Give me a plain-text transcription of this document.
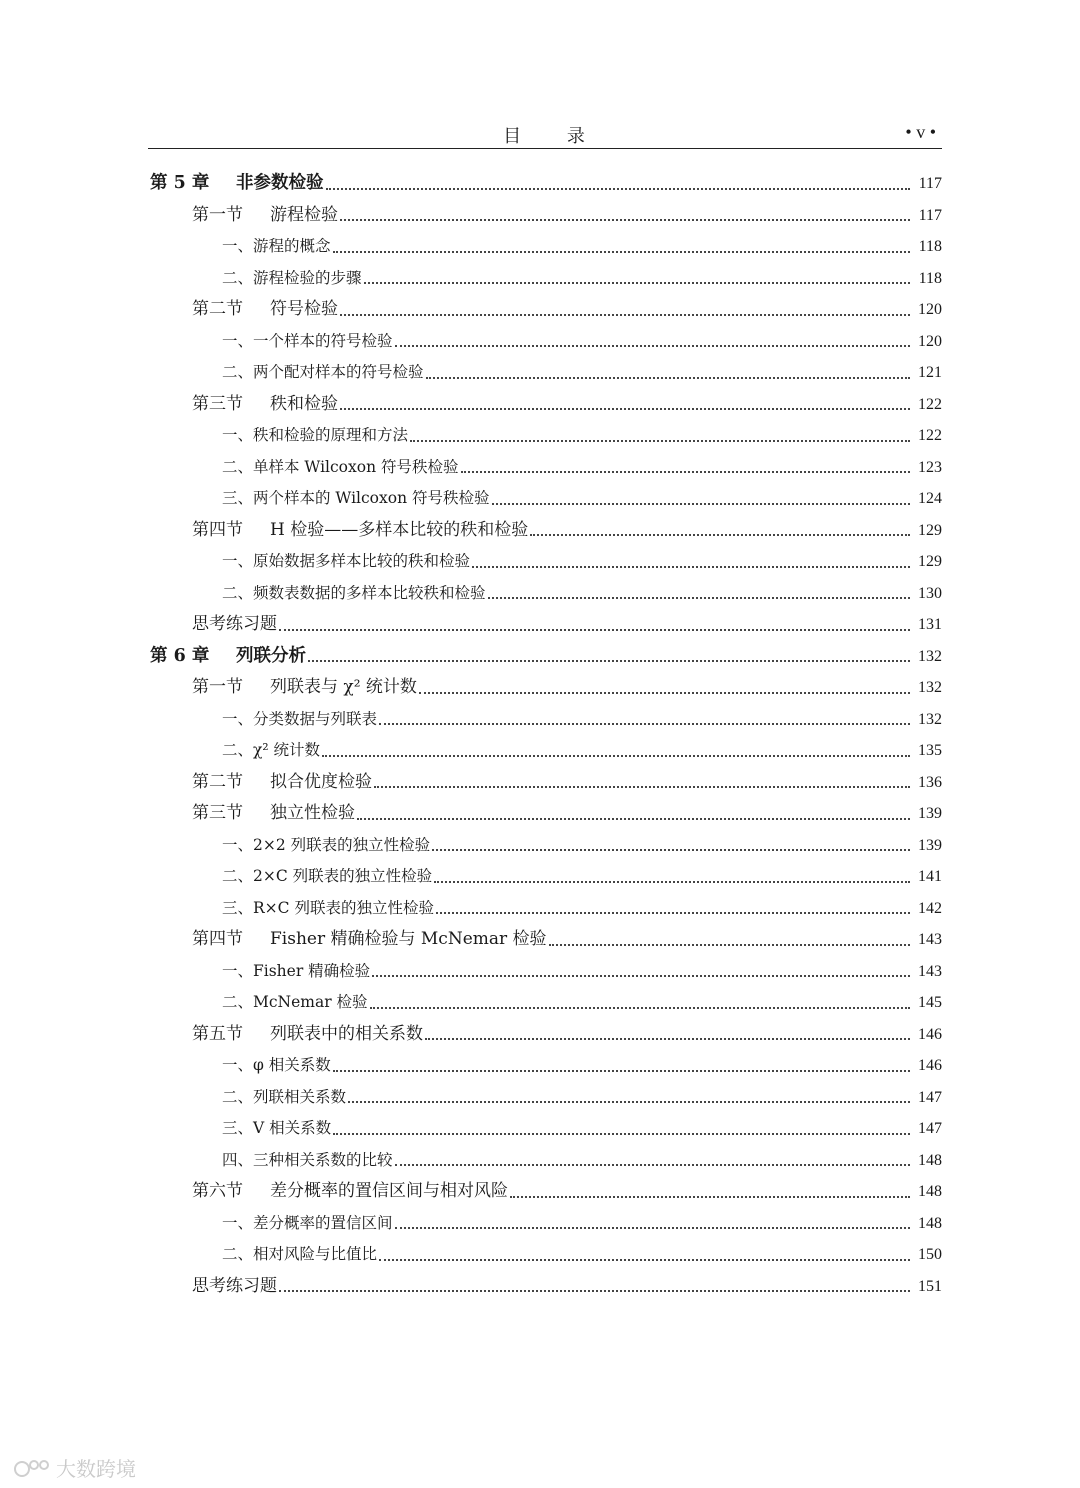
目 录	• v •
第 5 章	非参数检验	117
第一节	游程检验	117
一、游程的概念	118
二、游程检验的步骤	118
第二节	符号检验	120
一、一个样本的符号检验	120
二、两个配对样本的符号检验	121
第三节	秩和检验	122
一、秩和检验的原理和方法	122
二、单样本 Wilcoxon 符号秩检验	123
三、两个样本的 Wilcoxon 符号秩检验	124
第四节	H 检验——多样本比较的秩和检验	129
一、原始数据多样本比较的秩和检验	129
二、频数表数据的多样本比较秩和检验	130
思考练习题	131
第 6 章	列联分析	132
第一节	列联表与 χ² 统计数	132
一、分类数据与列联表	132
二、χ² 统计数	135
第二节	拟合优度检验	136
第三节	独立性检验	139
一、2×2 列联表的独立性检验	139
二、2×C 列联表的独立性检验	141
三、R×C 列联表的独立性检验	142
第四节	Fisher 精确检验与 McNemar 检验	143
一、Fisher 精确检验	143
二、McNemar 检验	145
第五节	列联表中的相关系数	146
一、φ 相关系数	146
二、列联相关系数	147
三、V 相关系数	147
四、三种相关系数的比较	148
第六节	差分概率的置信区间与相对风险	148
一、差分概率的置信区间	148
二、相对风险与比值比	150
思考练习题	151
大数跨境
